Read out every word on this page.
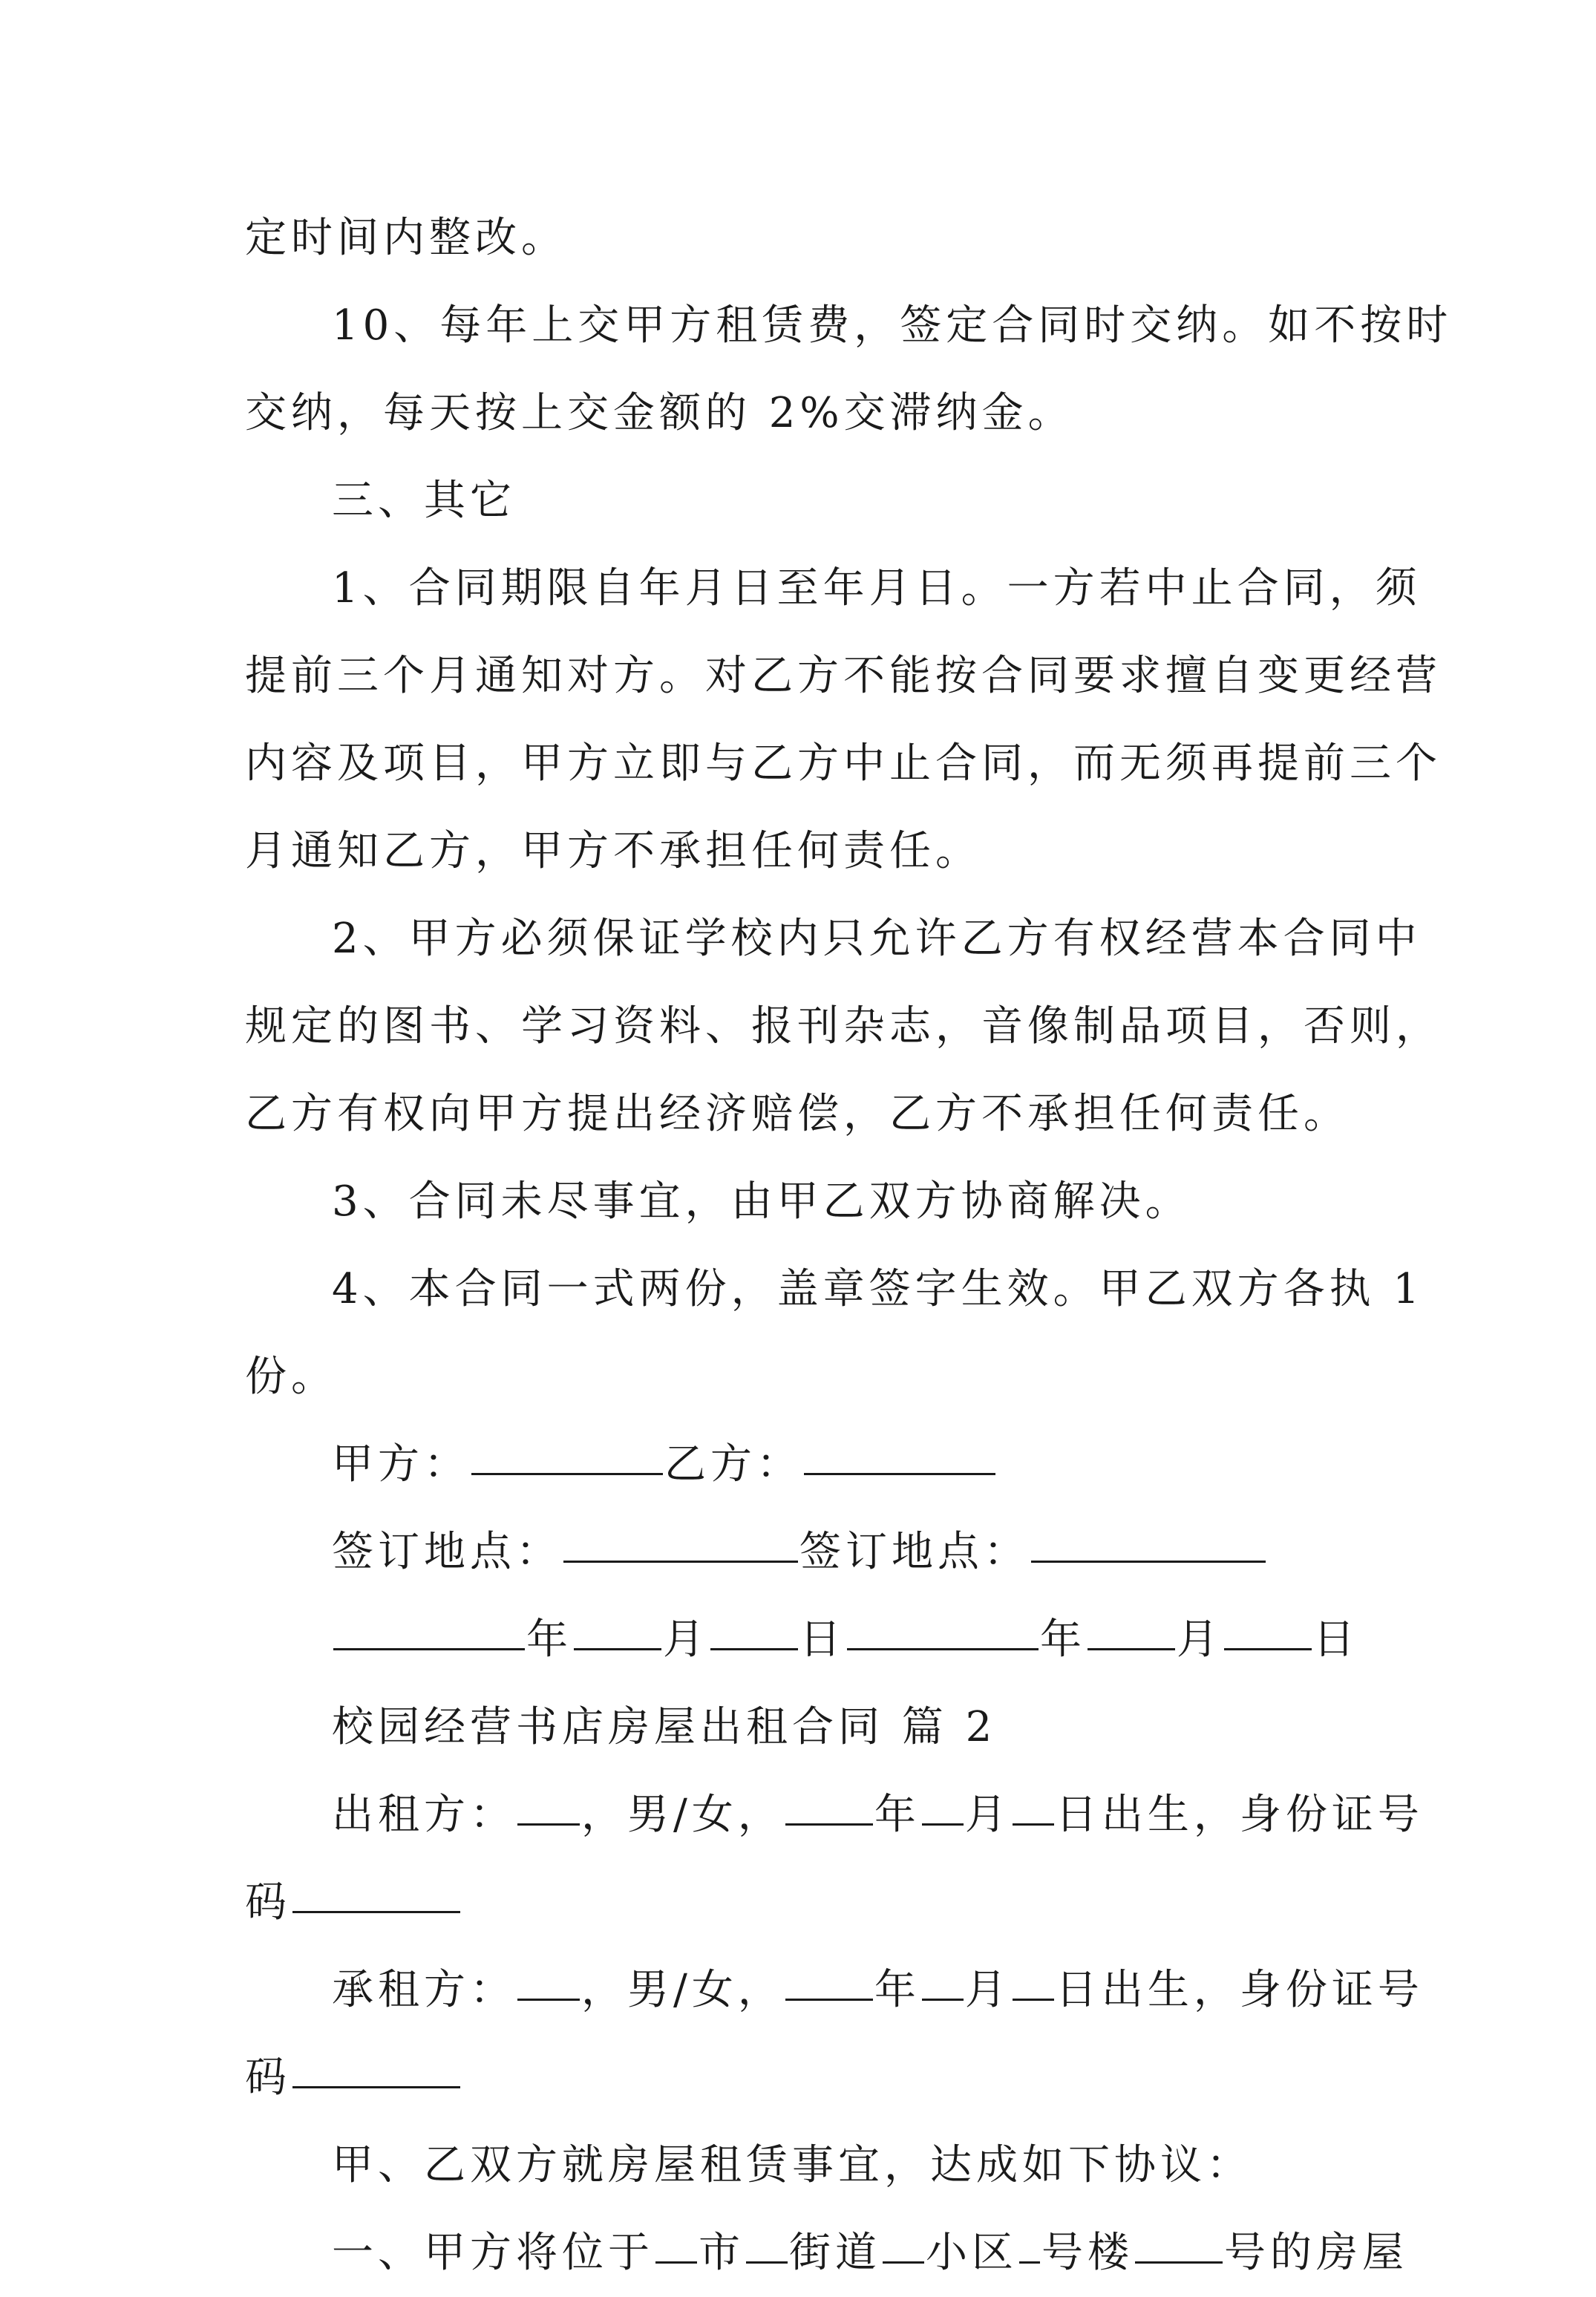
定时间内整改。

10、每年上交甲方租赁费，签定合同时交纳。如不按时

交纳，每天按上交金额的 2%交滞纳金。

三、其它

1、合同期限自年月日至年月日。一方若中止合同，须

提前三个月通知对方。对乙方不能按合同要求擅自变更经营

内容及项目，甲方立即与乙方中止合同，而无须再提前三个

月通知乙方，甲方不承担任何责任。

2、甲方必须保证学校内只允许乙方有权经营本合同中

规定的图书、学习资料、报刊杂志，音像制品项目，否则，

乙方有权向甲方提出经济赔偿，乙方不承担任何责任。

3、合同未尽事宜，由甲乙双方协商解决。

4、本合同一式两份，盖章签字生效。甲乙双方各执 1

份。

甲方：	乙方：

签订地点：	签订地点：

年 月 日	年 月 日

校园经营书店房屋出租合同 篇 2

出租方： ，男/女， 年 月 日出生，身份证号

码

承租方： ，男/女， 年 月 日出生，身份证号

码

甲、乙双方就房屋租赁事宜，达成如下协议：

一、甲方将位于 市 街道 小区 号楼 号的房屋
